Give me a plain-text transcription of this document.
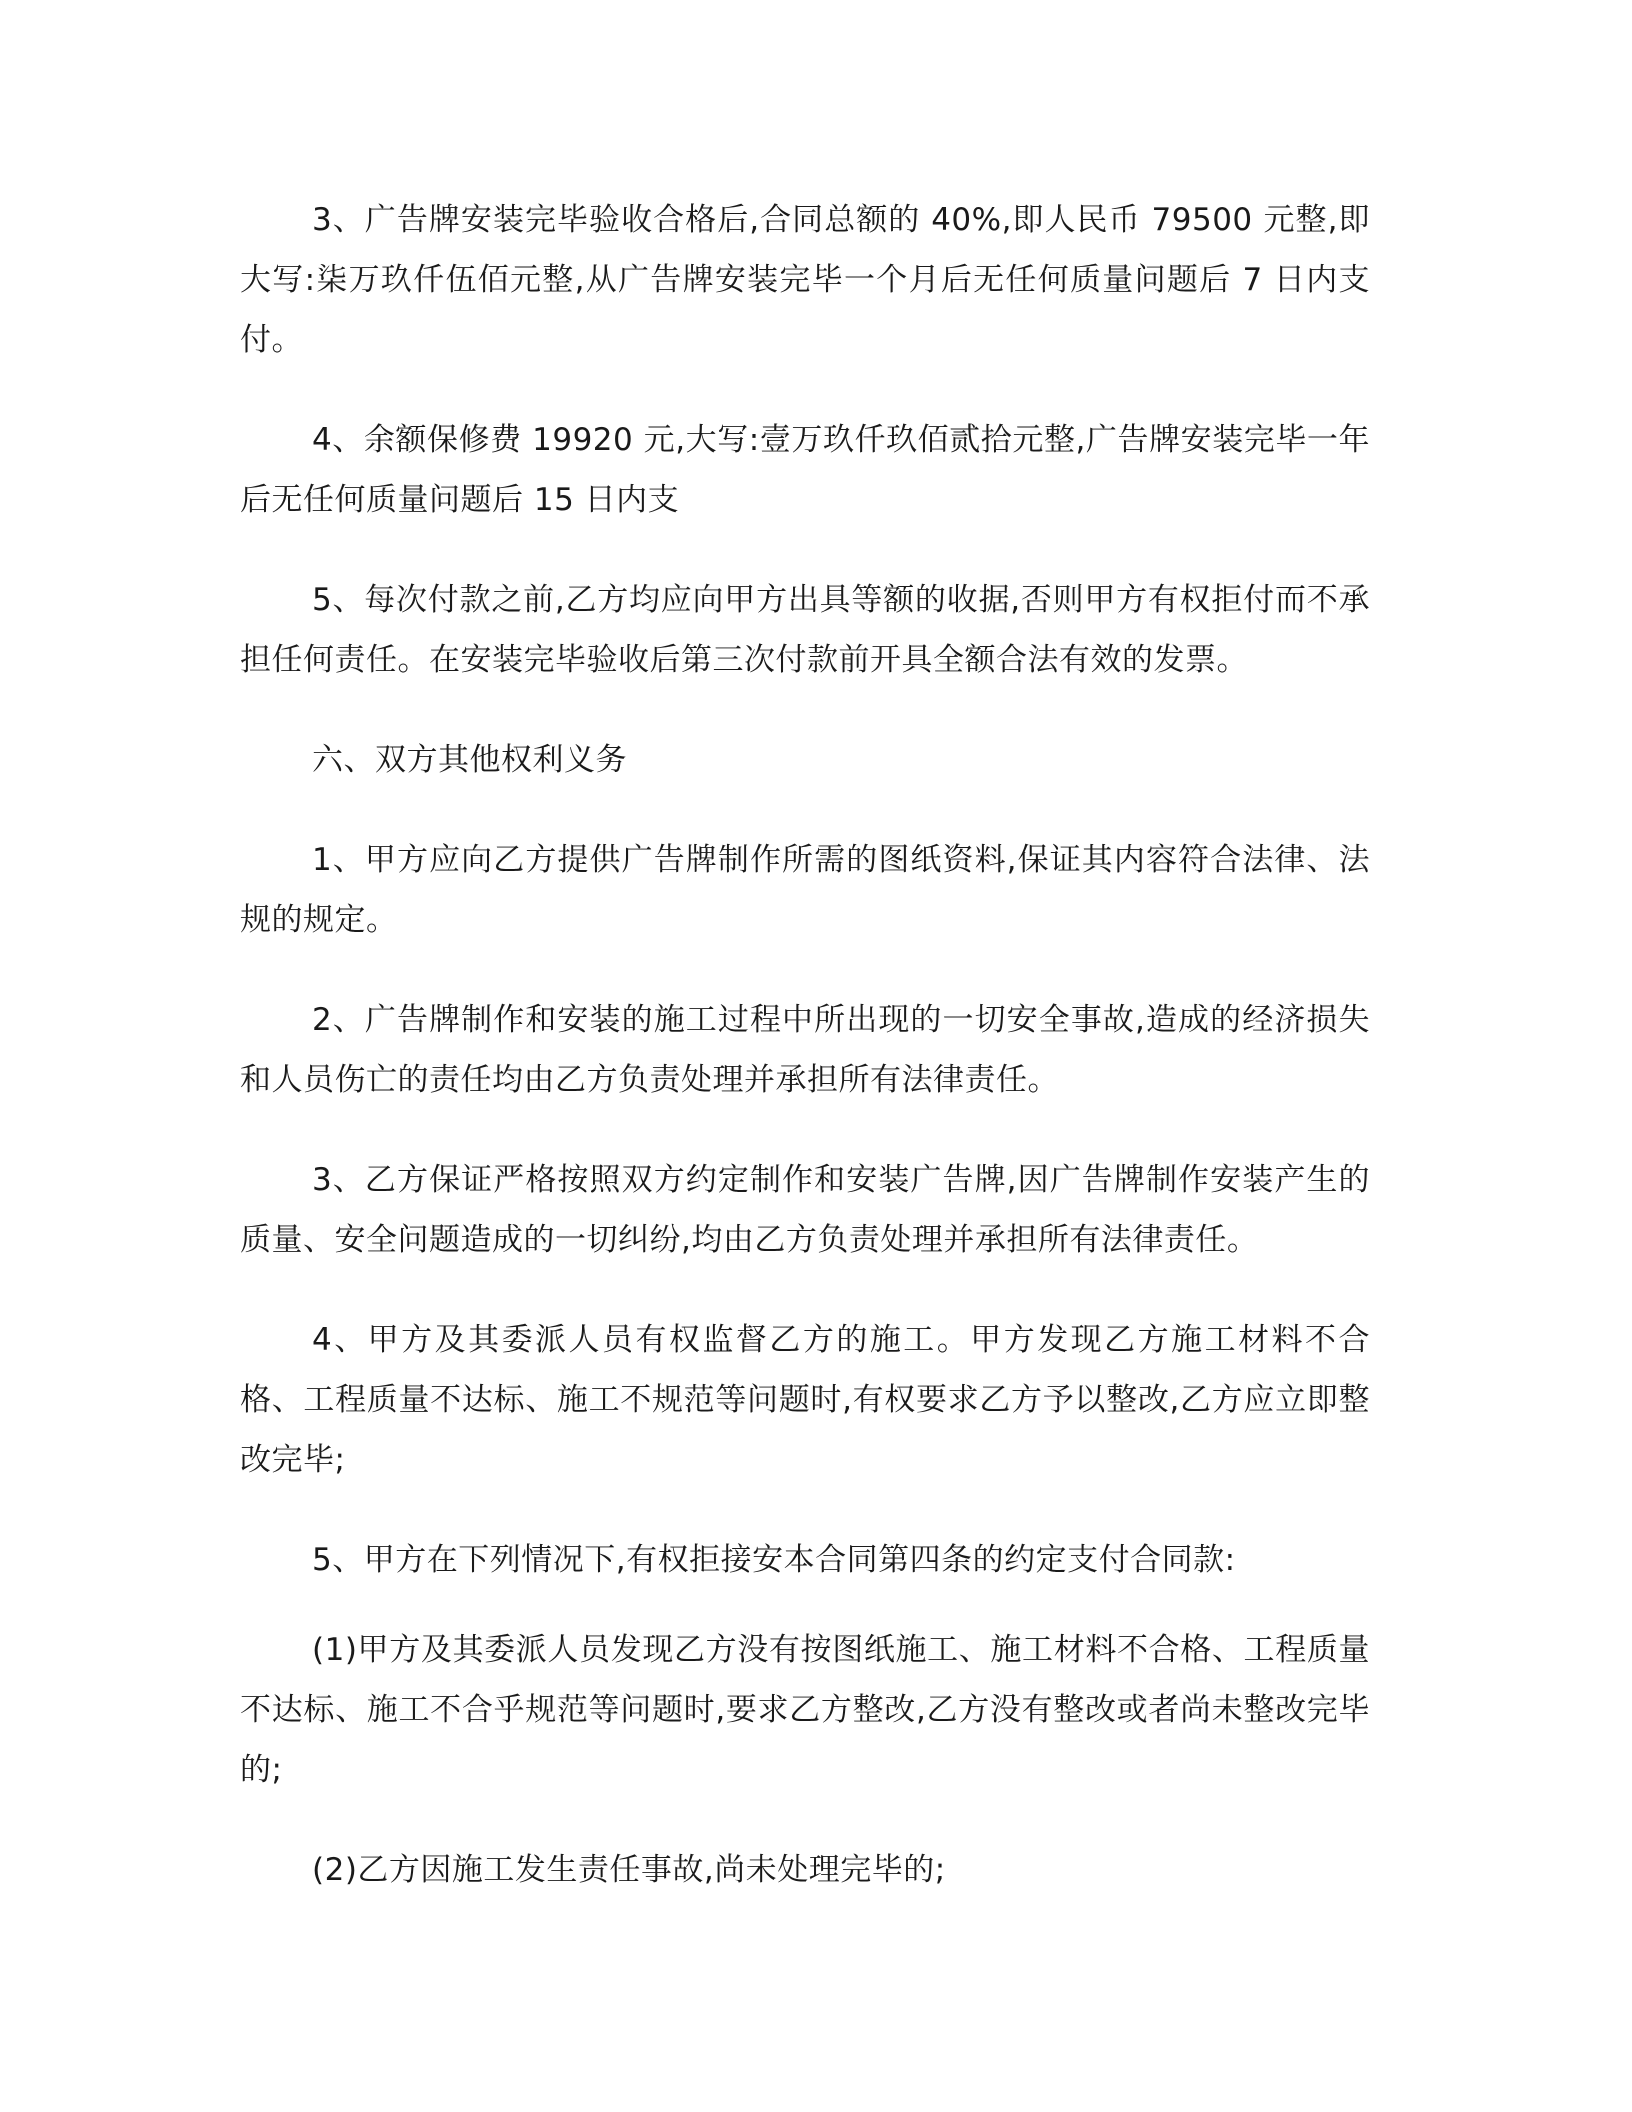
3、广告牌安装完毕验收合格后,合同总额的 40%,即人民币 79500 元整,即大写:柒万玖仟伍佰元整,从广告牌安装完毕一个月后无任何质量问题后 7 日内支付。

4、余额保修费 19920 元,大写:壹万玖仟玖佰贰拾元整,广告牌安装完毕一年后无任何质量问题后 15 日内支

5、每次付款之前,乙方均应向甲方出具等额的收据,否则甲方有权拒付而不承担任何责任。在安装完毕验收后第三次付款前开具全额合法有效的发票。

六、双方其他权利义务

1、甲方应向乙方提供广告牌制作所需的图纸资料,保证其内容符合法律、法规的规定。

2、广告牌制作和安装的施工过程中所出现的一切安全事故,造成的经济损失和人员伤亡的责任均由乙方负责处理并承担所有法律责任。

3、乙方保证严格按照双方约定制作和安装广告牌,因广告牌制作安装产生的质量、安全问题造成的一切纠纷,均由乙方负责处理并承担所有法律责任。

4、甲方及其委派人员有权监督乙方的施工。甲方发现乙方施工材料不合格、工程质量不达标、施工不规范等问题时,有权要求乙方予以整改,乙方应立即整改完毕;

5、甲方在下列情况下,有权拒接安本合同第四条的约定支付合同款:

(1)甲方及其委派人员发现乙方没有按图纸施工、施工材料不合格、工程质量不达标、施工不合乎规范等问题时,要求乙方整改,乙方没有整改或者尚未整改完毕的;

(2)乙方因施工发生责任事故,尚未处理完毕的;
